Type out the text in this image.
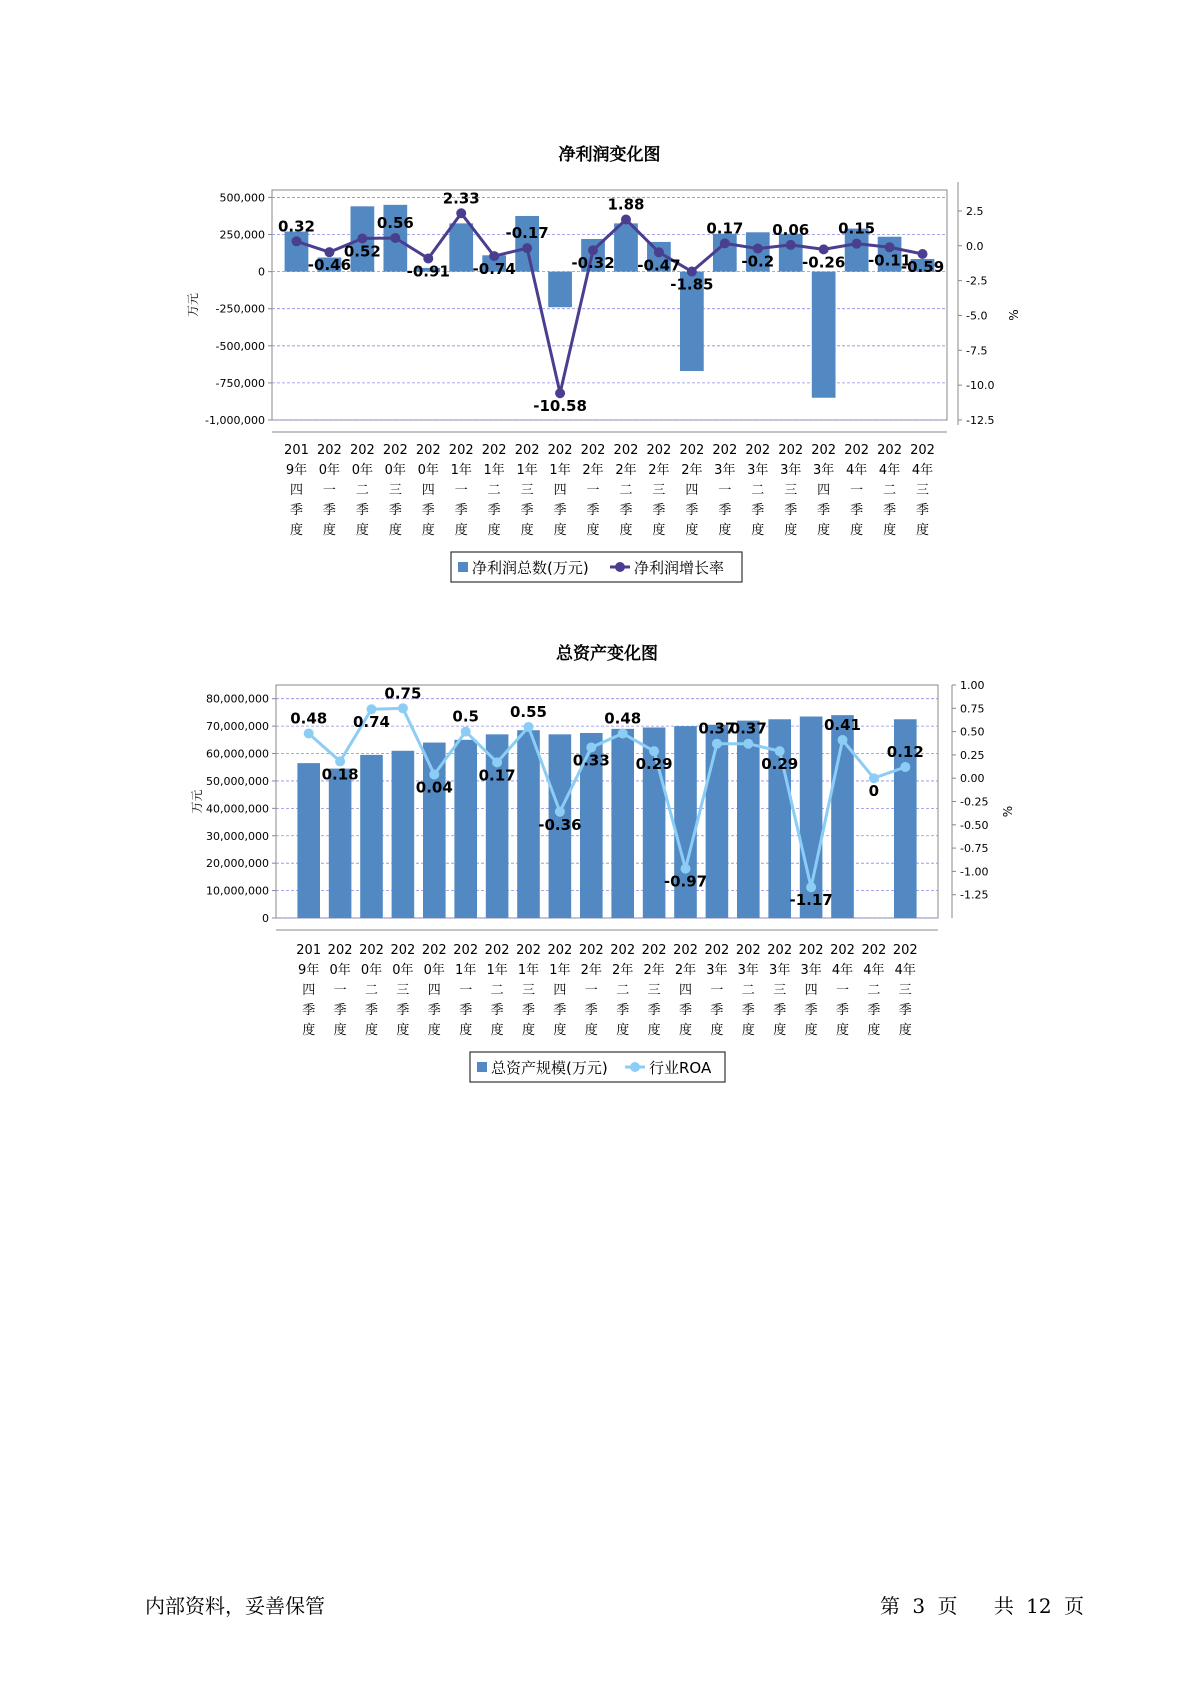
净利润变化图
500,000
250,000
0
-250,000
-500,000
-750,000
-1,000,000
万元
2.5
0.0
-2.5
-5.0
-7.5
-10.0
-12.5
%
0.32
-0.46
0.52
0.56
-0.91
2.33
-0.74
-0.17
-10.58
-0.32
1.88
-0.47
-1.85
0.17
-0.2
0.06
-0.26
0.15
-0.11
-0.59
201 9年四季度
202 0年一季度
202 0年二季度
202 0年三季度
202 0年四季度
202 1年一季度
202 1年二季度
202 1年三季度
202 1年四季度
202 2年一季度
202 2年二季度
202 2年三季度
202 2年四季度
202 3年一季度
202 3年二季度
202 3年三季度
202 3年四季度
202 4年一季度
202 4年二季度
202 4年三季度
净利润总数(万元)	净利润增长率
总资产变化图
80,000,000
70,000,000
60,000,000
50,000,000
40,000,000
30,000,000
20,000,000
10,000,000
0
万元
1.00
0.75
0.50
0.25
0.00
-0.25
-0.50
-0.75
-1.00
-1.25
%
0.48
0.18
0.74
0.75
0.04
0.5
0.17
0.55
-0.36
0.33
0.48
0.29
-0.97
0.37
0.37
0.29
-1.17
0.41
0
0.12
201 9年四季度
202 0年一季度
202 0年二季度
202 0年三季度
202 0年四季度
202 1年一季度
202 1年二季度
202 1年三季度
202 1年四季度
202 2年一季度
202 2年二季度
202 2年三季度
202 2年四季度
202 3年一季度
202 3年二季度
202 3年三季度
202 3年四季度
202 4年一季度
202 4年二季度
202 4年三季度
总资产规模(万元)	行业ROA
内部资料，妥善保管	第 3 页 共 12 页
